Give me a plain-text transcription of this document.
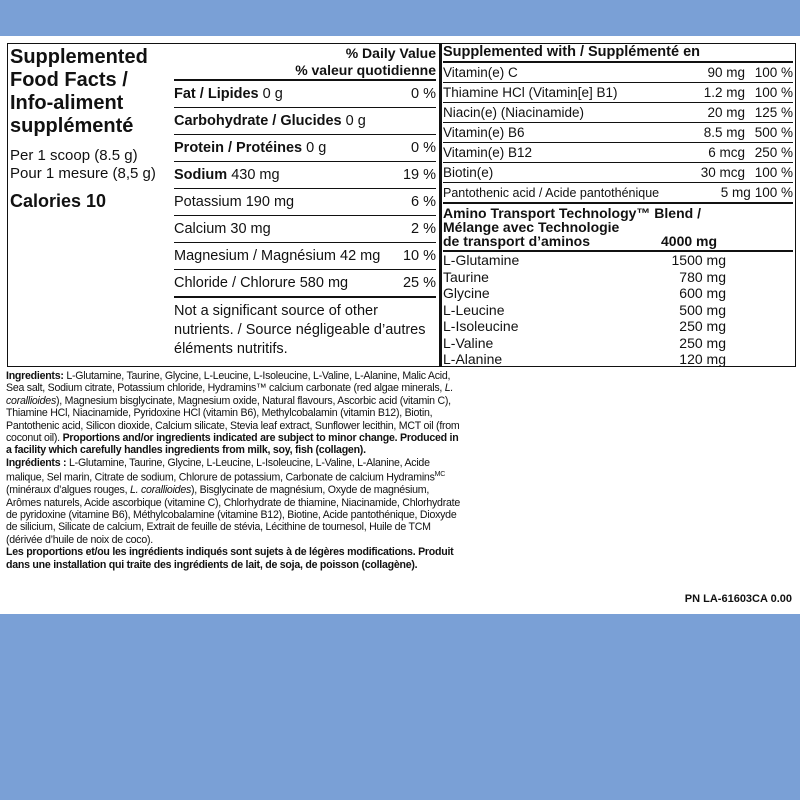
Supplemented
Food Facts /
Info-aliment
supplémenté
Per 1 scoop (8.5 g)
Pour 1 mesure (8,5 g)
Calories 10
% Daily Value
% valeur quotidienne
Fat / Lipides 0 g	0 %
Carbohydrate / Glucides 0 g
Protein / Protéines 0 g	0 %
Sodium 430 mg	19 %
Potassium 190 mg	6 %
Calcium 30 mg	2 %
Magnesium / Magnésium 42 mg 10 %
Chloride / Chlorure 580 mg	25 %
Not a significant source of other nutrients. / Source négligeable d’autres éléments nutritifs.
Supplemented with / Supplémenté en
Vitamin(e) C	90 mg 100 %
Thiamine HCl (Vitamin[e] B1)	1.2 mg 100 %
Niacin(e) (Niacinamide)	20 mg 125 %
Vitamin(e) B6	8.5 mg 500 %
Vitamin(e) B12	6 mcg 250 %
Biotin(e)	30 mcg 100 %
Pantothenic acid / Acide pantothénique	5 mg 100 %
Amino Transport Technology™ Blend /
Mélange avec Technologie
de transport d’aminos	4000 mg
L-Glutamine	1500 mg
Taurine	780 mg
Glycine	600 mg
L-Leucine	500 mg
L-Isoleucine	250 mg
L-Valine	250 mg
L-Alanine	120 mg

Ingredients: L-Glutamine, Taurine, Glycine, L-Leucine, L-Isoleucine, L-Valine, L-Alanine, Malic Acid, Sea salt, Sodium citrate, Potassium chloride, Hydramins™ calcium carbonate (red algae minerals, L. corallioides), Magnesium bisglycinate, Magnesium oxide, Natural flavours, Ascorbic acid (vitamin C), Thiamine HCl, Niacinamide, Pyridoxine HCl (vitamin B6), Methylcobalamin (vitamin B12), Biotin, Pantothenic acid, Silicon dioxide, Calcium silicate, Stevia leaf extract, Sunflower lecithin, MCT oil (from coconut oil). Proportions and/or ingredients indicated are subject to minor change. Produced in a facility which carefully handles ingredients from milk, soy, fish (collagen).

Ingrédients : L-Glutamine, Taurine, Glycine, L-Leucine, L-Isoleucine, L-Valine, L-Alanine, Acide malique, Sel marin, Citrate de sodium, Chlorure de potassium, Carbonate de calcium Hydramins$^{MC}$ (minéraux d’algues rouges, L. corallioides), Bisglycinate de magnésium, Oxyde de magnésium, Arômes naturels, Acide ascorbique (vitamine C), Chlorhydrate de thiamine, Niacinamide, Chlorhydrate de pyridoxine (vitamine B6), Méthylcobalamine (vitamine B12), Biotine, Acide pantothénique, Dioxyde de silicium, Silicate de calcium, Extrait de feuille de stévia, Lécithine de tournesol, Huile de TCM (dérivée d’huile de noix de coco).
Les proportions et/ou les ingrédients indiqués sont sujets à de légères modifications. Produit dans une installation qui traite des ingrédients de lait, de soja, de poisson (collagène).

PN LA-61603CA 0.00
